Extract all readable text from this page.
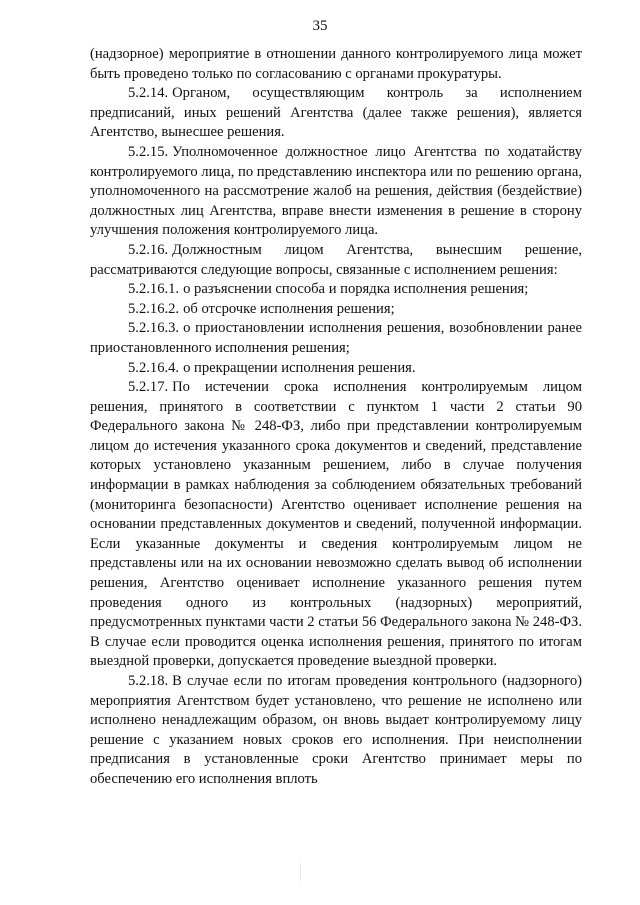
35

(надзорное) мероприятие в отношении данного контролируемого лица может быть проведено только по согласованию с органами прокуратуры.

5.2.14. Органом, осуществляющим контроль за исполнением предписаний, иных решений Агентства (далее также решения), является Агентство, вынесшее решения.

5.2.15. Уполномоченное должностное лицо Агентства по ходатайству контролируемого лица, по представлению инспектора или по решению органа, уполномоченного на рассмотрение жалоб на решения, действия (бездействие) должностных лиц Агентства, вправе внести изменения в решение в сторону улучшения положения контролируемого лица.

5.2.16. Должностным лицом Агентства, вынесшим решение, рассматриваются следующие вопросы, связанные с исполнением решения:

5.2.16.1. о разъяснении способа и порядка исполнения решения;

5.2.16.2. об отсрочке исполнения решения;

5.2.16.3. о приостановлении исполнения решения, возобновлении ранее приостановленного исполнения решения;

5.2.16.4. о прекращении исполнения решения.

5.2.17. По истечении срока исполнения контролируемым лицом решения, принятого в соответствии с пунктом 1 части 2 статьи 90 Федерального закона № 248-ФЗ, либо при представлении контролируемым лицом до истечения указанного срока документов и сведений, представление которых установлено указанным решением, либо в случае получения информации в рамках наблюдения за соблюдением обязательных требований (мониторинга безопасности) Агентство оценивает исполнение решения на основании представленных документов и сведений, полученной информации. Если указанные документы и сведения контролируемым лицом не представлены или на их основании невозможно сделать вывод об исполнении решения, Агентство оценивает исполнение указанного решения путем проведения одного из контрольных (надзорных) мероприятий, предусмотренных пунктами части 2 статьи 56 Федерального закона № 248-ФЗ. В случае если проводится оценка исполнения решения, принятого по итогам выездной проверки, допускается проведение выездной проверки.

5.2.18. В случае если по итогам проведения контрольного (надзорного) мероприятия Агентством будет установлено, что решение не исполнено или исполнено ненадлежащим образом, он вновь выдает контролируемому лицу решение с указанием новых сроков его исполнения. При неисполнении предписания в установленные сроки Агентство принимает меры по обеспечению его исполнения вплоть
